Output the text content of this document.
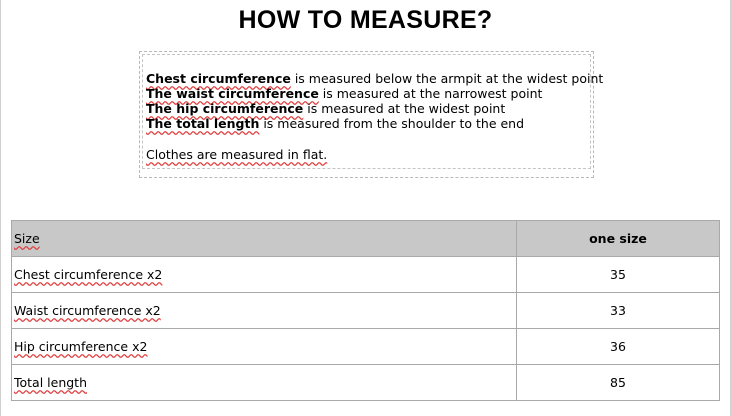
HOW TO MEASURE?
Chest circumference is measured below the armpit at the widest point
The waist circumference is measured at the narrowest point
The hip circumference is measured at the widest point
The total length is measured from the shoulder to the end
Clothes are measured in flat.
Size	one size
Chest circumference x2	35
Waist circumference x2	33
Hip circumference x2	36
Total length	85
